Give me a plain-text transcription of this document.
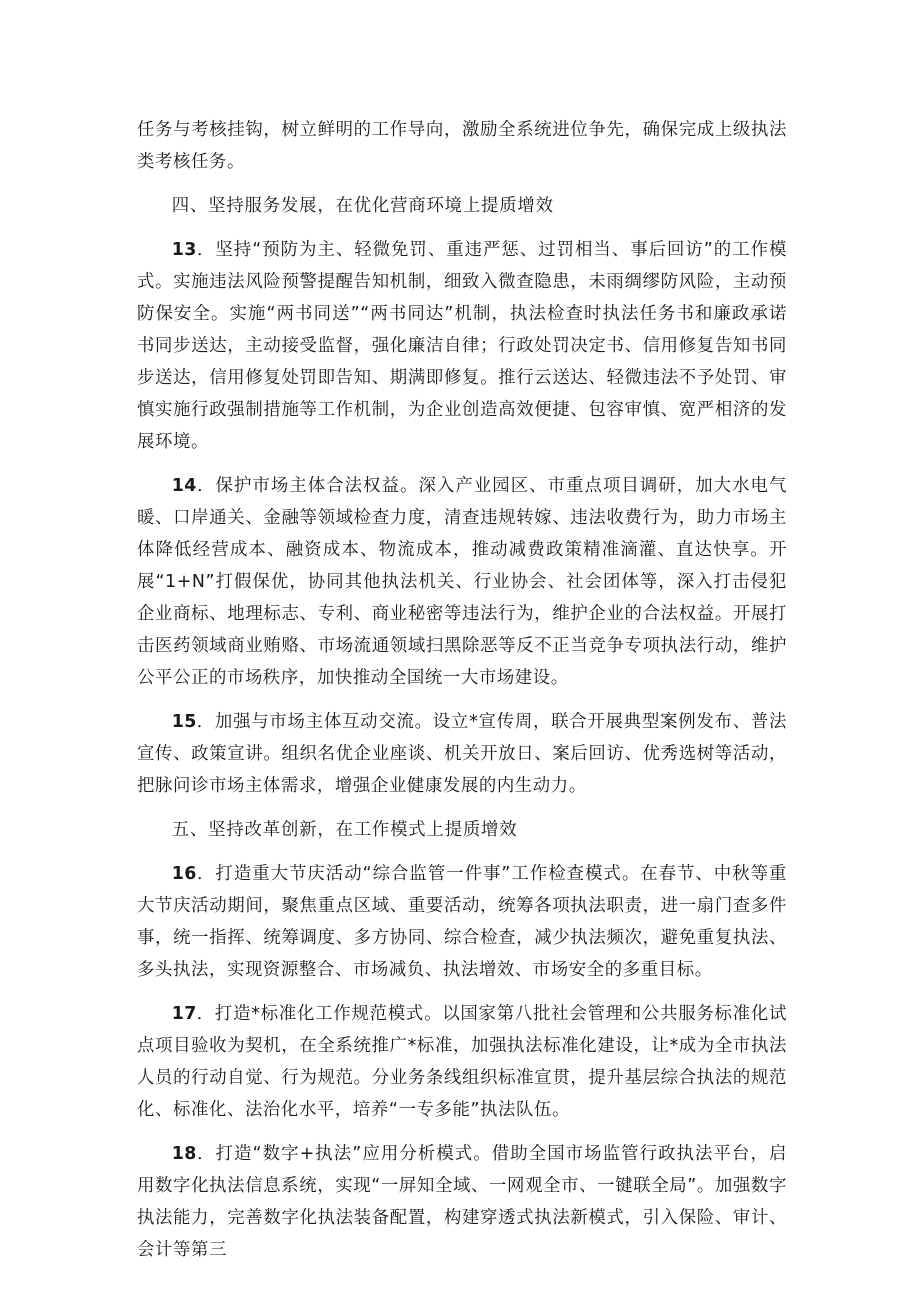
任务与考核挂钩，树立鲜明的工作导向，激励全系统进位争先，确保完成上级执法类考核任务。

四、坚持服务发展，在优化营商环境上提质增效

13．坚持“预防为主、轻微免罚、重违严惩、过罚相当、事后回访”的工作模式。实施违法风险预警提醒告知机制，细致入微查隐患，未雨绸缪防风险，主动预防保安全。实施“两书同送”“两书同达”机制，执法检查时执法任务书和廉政承诺书同步送达，主动接受监督，强化廉洁自律；行政处罚决定书、信用修复告知书同步送达，信用修复处罚即告知、期满即修复。推行云送达、轻微违法不予处罚、审慎实施行政强制措施等工作机制，为企业创造高效便捷、包容审慎、宽严相济的发展环境。

14．保护市场主体合法权益。深入产业园区、市重点项目调研，加大水电气暖、口岸通关、金融等领域检查力度，清查违规转嫁、违法收费行为，助力市场主体降低经营成本、融资成本、物流成本，推动减费政策精准滴灌、直达快享。开展“1+N”打假保优，协同其他执法机关、行业协会、社会团体等，深入打击侵犯企业商标、地理标志、专利、商业秘密等违法行为，维护企业的合法权益。开展打击医药领域商业贿赂、市场流通领域扫黑除恶等反不正当竞争专项执法行动，维护公平公正的市场秩序，加快推动全国统一大市场建设。

15．加强与市场主体互动交流。设立*宣传周，联合开展典型案例发布、普法宣传、政策宣讲。组织名优企业座谈、机关开放日、案后回访、优秀选树等活动，把脉问诊市场主体需求，增强企业健康发展的内生动力。

五、坚持改革创新，在工作模式上提质增效

16．打造重大节庆活动“综合监管一件事”工作检查模式。在春节、中秋等重大节庆活动期间，聚焦重点区域、重要活动，统筹各项执法职责，进一扇门查多件事，统一指挥、统筹调度、多方协同、综合检查，减少执法频次，避免重复执法、多头执法，实现资源整合、市场减负、执法增效、市场安全的多重目标。

17．打造*标准化工作规范模式。以国家第八批社会管理和公共服务标准化试点项目验收为契机，在全系统推广*标准，加强执法标准化建设，让*成为全市执法人员的行动自觉、行为规范。分业务条线组织标准宣贯，提升基层综合执法的规范化、标准化、法治化水平，培养“一专多能”执法队伍。

18．打造“数字+执法”应用分析模式。借助全国市场监管行政执法平台，启用数字化执法信息系统，实现“一屏知全域、一网观全市、一键联全局”。加强数字执法能力，完善数字化执法装备配置，构建穿透式执法新模式，引入保险、审计、会计等第三
